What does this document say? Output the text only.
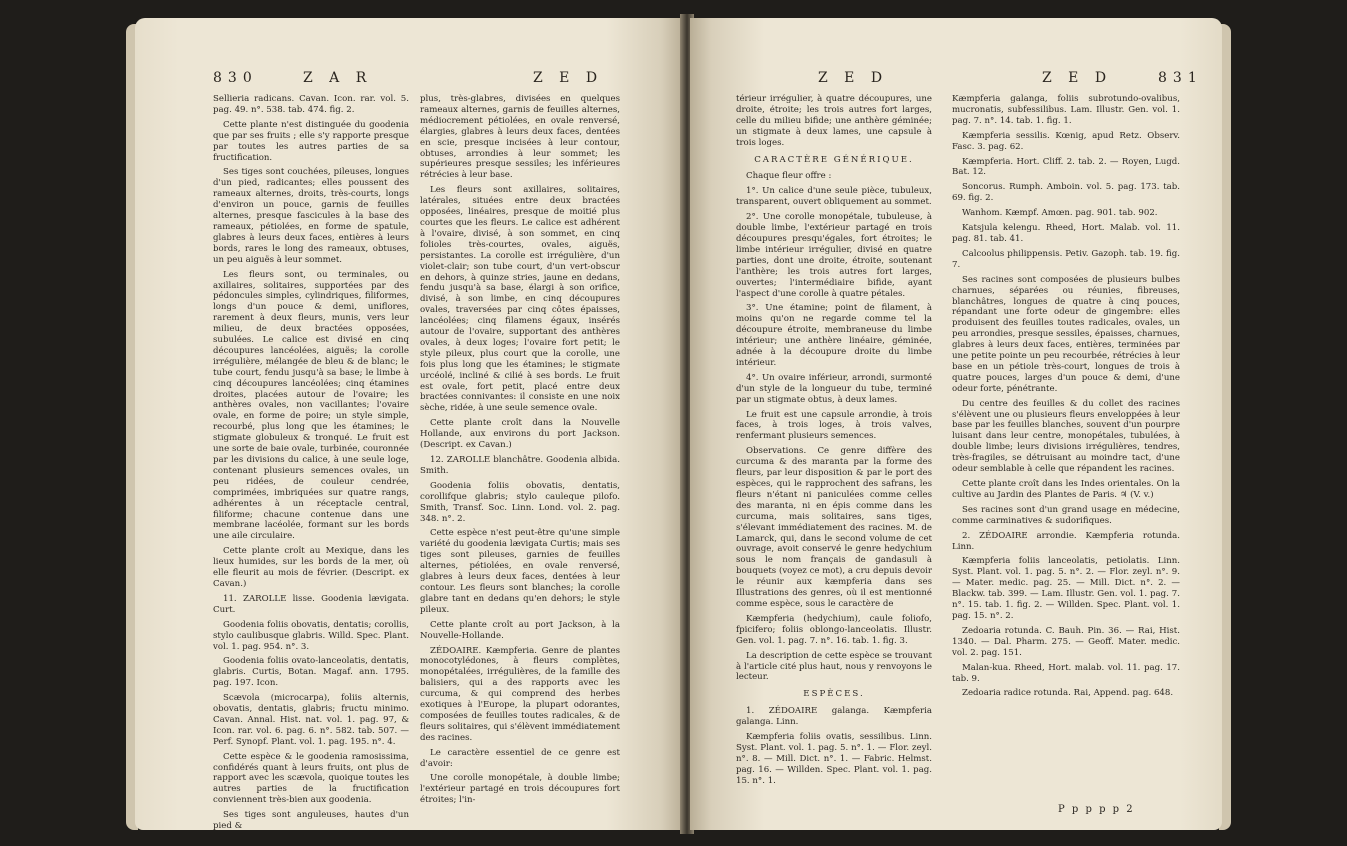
830	Z A R	Z E D

Sellieria radicans. Cavan. Icon. rar. vol. 5. pag. 49. n°. 538. tab. 474. fig. 2.

Cette plante n'est distinguée du goodenia que par ses fruits ; elle s'y rapporte presque par toutes les autres parties de sa fructification.

Ses tiges sont couchées, pileuses, longues d'un pied, radicantes; elles poussent des rameaux alternes, droits, très-courts, longs d'environ un pouce, garnis de feuilles alternes, presque fascicules à la base des rameaux, pétiolées, en forme de spatule, glabres à leurs deux faces, entières à leurs bords, rares le long des rameaux, obtuses, un peu aiguës à leur sommet.

Les fleurs sont, ou terminales, ou axillaires, solitaires, supportées par des pédoncules simples, cylindriques, filiformes, longs d'un pouce & demi, uniflores, rarement à deux fleurs, munis, vers leur milieu, de deux bractées opposées, subulées. Le calice est divisé en cinq découpures lancéolées, aiguës; la corolle irrégulière, mélangée de bleu & de blanc; le tube court, fendu jusqu'à sa base; le limbe à cinq découpures lancéolées; cinq étamines droites, placées autour de l'ovaire; les anthères ovales, non vacillantes; l'ovaire ovale, en forme de poire; un style simple, recourbé, plus long que les étamines; le stigmate globuleux & tronqué. Le fruit est une sorte de baie ovale, turbinée, couronnée par les divisions du calice, à une seule loge, contenant plusieurs semences ovales, un peu ridées, de couleur cendrée, comprimées, imbriquées sur quatre rangs, adhérentes à un réceptacle central, filiforme; chacune contenue dans une membrane lacéolée, formant sur les bords une aile circulaire.

Cette plante croît au Mexique, dans les lieux humides, sur les bords de la mer, où elle fleurit au mois de février. (Descript. ex Cavan.)

11. ZAROLLE lisse. Goodenia lævigata. Curt.

Goodenia foliis obovatis, dentatis; corollis, stylo caulibusque glabris. Willd. Spec. Plant. vol. 1. pag. 954. n°. 3.

Goodenia foliis ovato-lanceolatis, dentatis, glabris. Curtis, Botan. Magaf. ann. 1795. pag. 197. Icon.

Scævola (microcarpa), foliis alternis, obovatis, dentatis, glabris; fructu minimo. Cavan. Annal. Hist. nat. vol. 1. pag. 97, & Icon. rar. vol. 6. pag. 6. n°. 582. tab. 507. — Perf. Synopf. Plant. vol. 1. pag. 195. n°. 4.

Cette espèce & le goodenia ramosissima, confidérés quant à leurs fruits, ont plus de rapport avec les scævola, quoique toutes les autres parties de la fructification conviennent très-bien aux goodenia.

Ses tiges sont anguleuses, hautes d'un pied &

plus, très-glabres, divisées en quelques rameaux alternes, garnis de feuilles alternes, médiocrement pétiolées, en ovale renversé, élargies, glabres à leurs deux faces, dentées en scie, presque incisées à leur contour, obtuses, arrondies à leur sommet; les supérieures presque sessiles; les inférieures rétrécies à leur base.

Les fleurs sont axillaires, solitaires, latérales, situées entre deux bractées opposées, linéaires, presque de moitié plus courtes que les fleurs. Le calice est adhérent à l'ovaire, divisé, à son sommet, en cinq folioles très-courtes, ovales, aiguës, persistantes. La corolle est irrégulière, d'un violet-clair; son tube court, d'un vert-obscur en dehors, à quinze stries, jaune en dedans, fendu jusqu'à sa base, élargi à son orifice, divisé, à son limbe, en cinq découpures ovales, traversées par cinq côtes épaisses, lancéolées; cinq filamens égaux, insérés autour de l'ovaire, supportant des anthères ovales, à deux loges; l'ovaire fort petit; le style pileux, plus court que la corolle, une fois plus long que les étamines; le stigmate urcéolé, incliné & cilié à ses bords. Le fruit est ovale, fort petit, placé entre deux bractées connivantes: il consiste en une noix sèche, ridée, à une seule semence ovale.

Cette plante croît dans la Nouvelle Hollande, aux environs du port Jackson. (Descript. ex Cavan.)

12. ZAROLLE blanchâtre. Goodenia albida. Smith.

Goodenia foliis obovatis, dentatis, corollifque glabris; stylo cauleque pilofo. Smith, Transf. Soc. Linn. Lond. vol. 2. pag. 348. n°. 2.

Cette espèce n'est peut-être qu'une simple variété du goodenia lævigata Curtis; mais ses tiges sont pileuses, garnies de feuilles alternes, pétiolées, en ovale renversé, glabres à leurs deux faces, dentées à leur contour. Les fleurs sont blanches; la corolle glabre tant en dedans qu'en dehors; le style pileux.

Cette plante croît au port Jackson, à la Nouvelle-Hollande.

ZÉDOAIRE. Kæmpferia. Genre de plantes monocotylédones, à fleurs complètes, monopétalées, irrégulières, de la famille des balisiers, qui a des rapports avec les curcuma, & qui comprend des herbes exotiques à l'Europe, la plupart odorantes, composées de feuilles toutes radicales, & de fleurs solitaires, qui s'élèvent immédiatement des racines.

Le caractère essentiel de ce genre est d'avoir:

Une corolle monopétale, à double limbe; l'extérieur partagé en trois découpures fort étroites; l'in-

Z E D	Z E D	831

térieur irrégulier, à quatre découpures, une droite, étroite; les trois autres fort larges, celle du milieu bifide; une anthère géminée; un stigmate à deux lames, une capsule à trois loges.

CARACTÈRE GÉNÉRIQUE.

Chaque fleur offre :

1°. Un calice d'une seule pièce, tubuleux, transparent, ouvert obliquement au sommet.

2°. Une corolle monopétale, tubuleuse, à double limbe, l'extérieur partagé en trois découpures presqu'égales, fort étroites; le limbe intérieur irrégulier, divisé en quatre parties, dont une droite, étroite, soutenant l'anthère; les trois autres fort larges, ouvertes; l'intermédiaire bifide, ayant l'aspect d'une corolle à quatre pétales.

3°. Une étamine; point de filament, à moins qu'on ne regarde comme tel la découpure étroite, membraneuse du limbe intérieur; une anthère linéaire, géminée, adnée à la découpure droite du limbe intérieur.

4°. Un ovaire inférieur, arrondi, surmonté d'un style de la longueur du tube, terminé par un stigmate obtus, à deux lames.

Le fruit est une capsule arrondie, à trois faces, à trois loges, à trois valves, renfermant plusieurs semences.

Observations. Ce genre diffère des curcuma & des maranta par la forme des fleurs, par leur disposition & par le port des espèces, qui le rapprochent des safrans, les fleurs n'étant ni paniculées comme celles des maranta, ni en épis comme dans les curcuma, mais solitaires, sans tiges, s'élevant immédiatement des racines. M. de Lamarck, qui, dans le second volume de cet ouvrage, avoit conservé le genre hedychium sous le nom français de gandasuli à bouquets (voyez ce mot), a cru depuis devoir le réunir aux kæmpferia dans ses Illustrations des genres, où il est mentionné comme espèce, sous le caractère de

Kæmpferia (hedychium), caule foliofo, fpicifero; foliis oblongo-lanceolatis. Illustr. Gen. vol. 1. pag. 7. n°. 16. tab. 1. fig. 3.

La description de cette espèce se trouvant à l'article cité plus haut, nous y renvoyons le lecteur.

ESPÈCES.

1. ZÉDOAIRE galanga. Kæmpferia galanga. Linn.

Kæmpferia foliis ovatis, sessilibus. Linn. Syst. Plant. vol. 1. pag. 5. n°. 1. — Flor. zeyl. n°. 8. — Mill. Dict. n°. 1. — Fabric. Helmst. pag. 16. — Willden. Spec. Plant. vol. 1. pag. 15. n°. 1.

Kæmpferia galanga, foliis subrotundo-ovalibus, mucronatis, subfessilibus. Lam. Illustr. Gen. vol. 1. pag. 7. n°. 14. tab. 1. fig. 1.

Kæmpferia sessilis. Kœnig, apud Retz. Observ. Fasc. 3. pag. 62.

Kæmpferia. Hort. Cliff. 2. tab. 2. — Royen, Lugd. Bat. 12.

Soncorus. Rumph. Amboin. vol. 5. pag. 173. tab. 69. fig. 2.

Wanhom. Kæmpf. Amœn. pag. 901. tab. 902.

Katsjula kelengu. Rheed, Hort. Malab. vol. 11. pag. 81. tab. 41.

Calcoolus philippensis. Petiv. Gazoph. tab. 19. fig. 7.

Ses racines sont composées de plusieurs bulbes charnues, séparées ou réunies, fibreuses, blanchâtres, longues de quatre à cinq pouces, répandant une forte odeur de gingembre: elles produisent des feuilles toutes radicales, ovales, un peu arrondies, presque sessiles, épaisses, charnues, glabres à leurs deux faces, entières, terminées par une petite pointe un peu recourbée, rétrécies à leur base en un pétiole très-court, longues de trois à quatre pouces, larges d'un pouce & demi, d'une odeur forte, pénétrante.

Du centre des feuilles & du collet des racines s'élèvent une ou plusieurs fleurs enveloppées à leur base par les feuilles blanches, souvent d'un pourpre luisant dans leur centre, monopétales, tubulées, à double limbe; leurs divisions irrégulières, tendres, très-fragiles, se détruisant au moindre tact, d'une odeur semblable à celle que répandent les racines.

Cette plante croît dans les Indes orientales. On la cultive au Jardin des Plantes de Paris. ♃ (V. v.)

Ses racines sont d'un grand usage en médecine, comme carminatives & sudorifiques.

2. ZÉDOAIRE arrondie. Kæmpferia rotunda. Linn.

Kæmpferia foliis lanceolatis, petiolatis. Linn. Syst. Plant. vol. 1. pag. 5. n°. 2. — Flor. zeyl. n°. 9. — Mater. medic. pag. 25. — Mill. Dict. n°. 2. — Blackw. tab. 399. — Lam. Illustr. Gen. vol. 1. pag. 7. n°. 15. tab. 1. fig. 2. — Willden. Spec. Plant. vol. 1. pag. 15. n°. 2.

Zedoaria rotunda. C. Bauh. Pin. 36. — Rai, Hist. 1340. — Dal. Pharm. 275. — Geoff. Mater. medic. vol. 2. pag. 151.

Malan-kua. Rheed, Hort. malab. vol. 11. pag. 17. tab. 9.

Zedoaria radice rotunda. Rai, Append. pag. 648.

P p p p p 2
